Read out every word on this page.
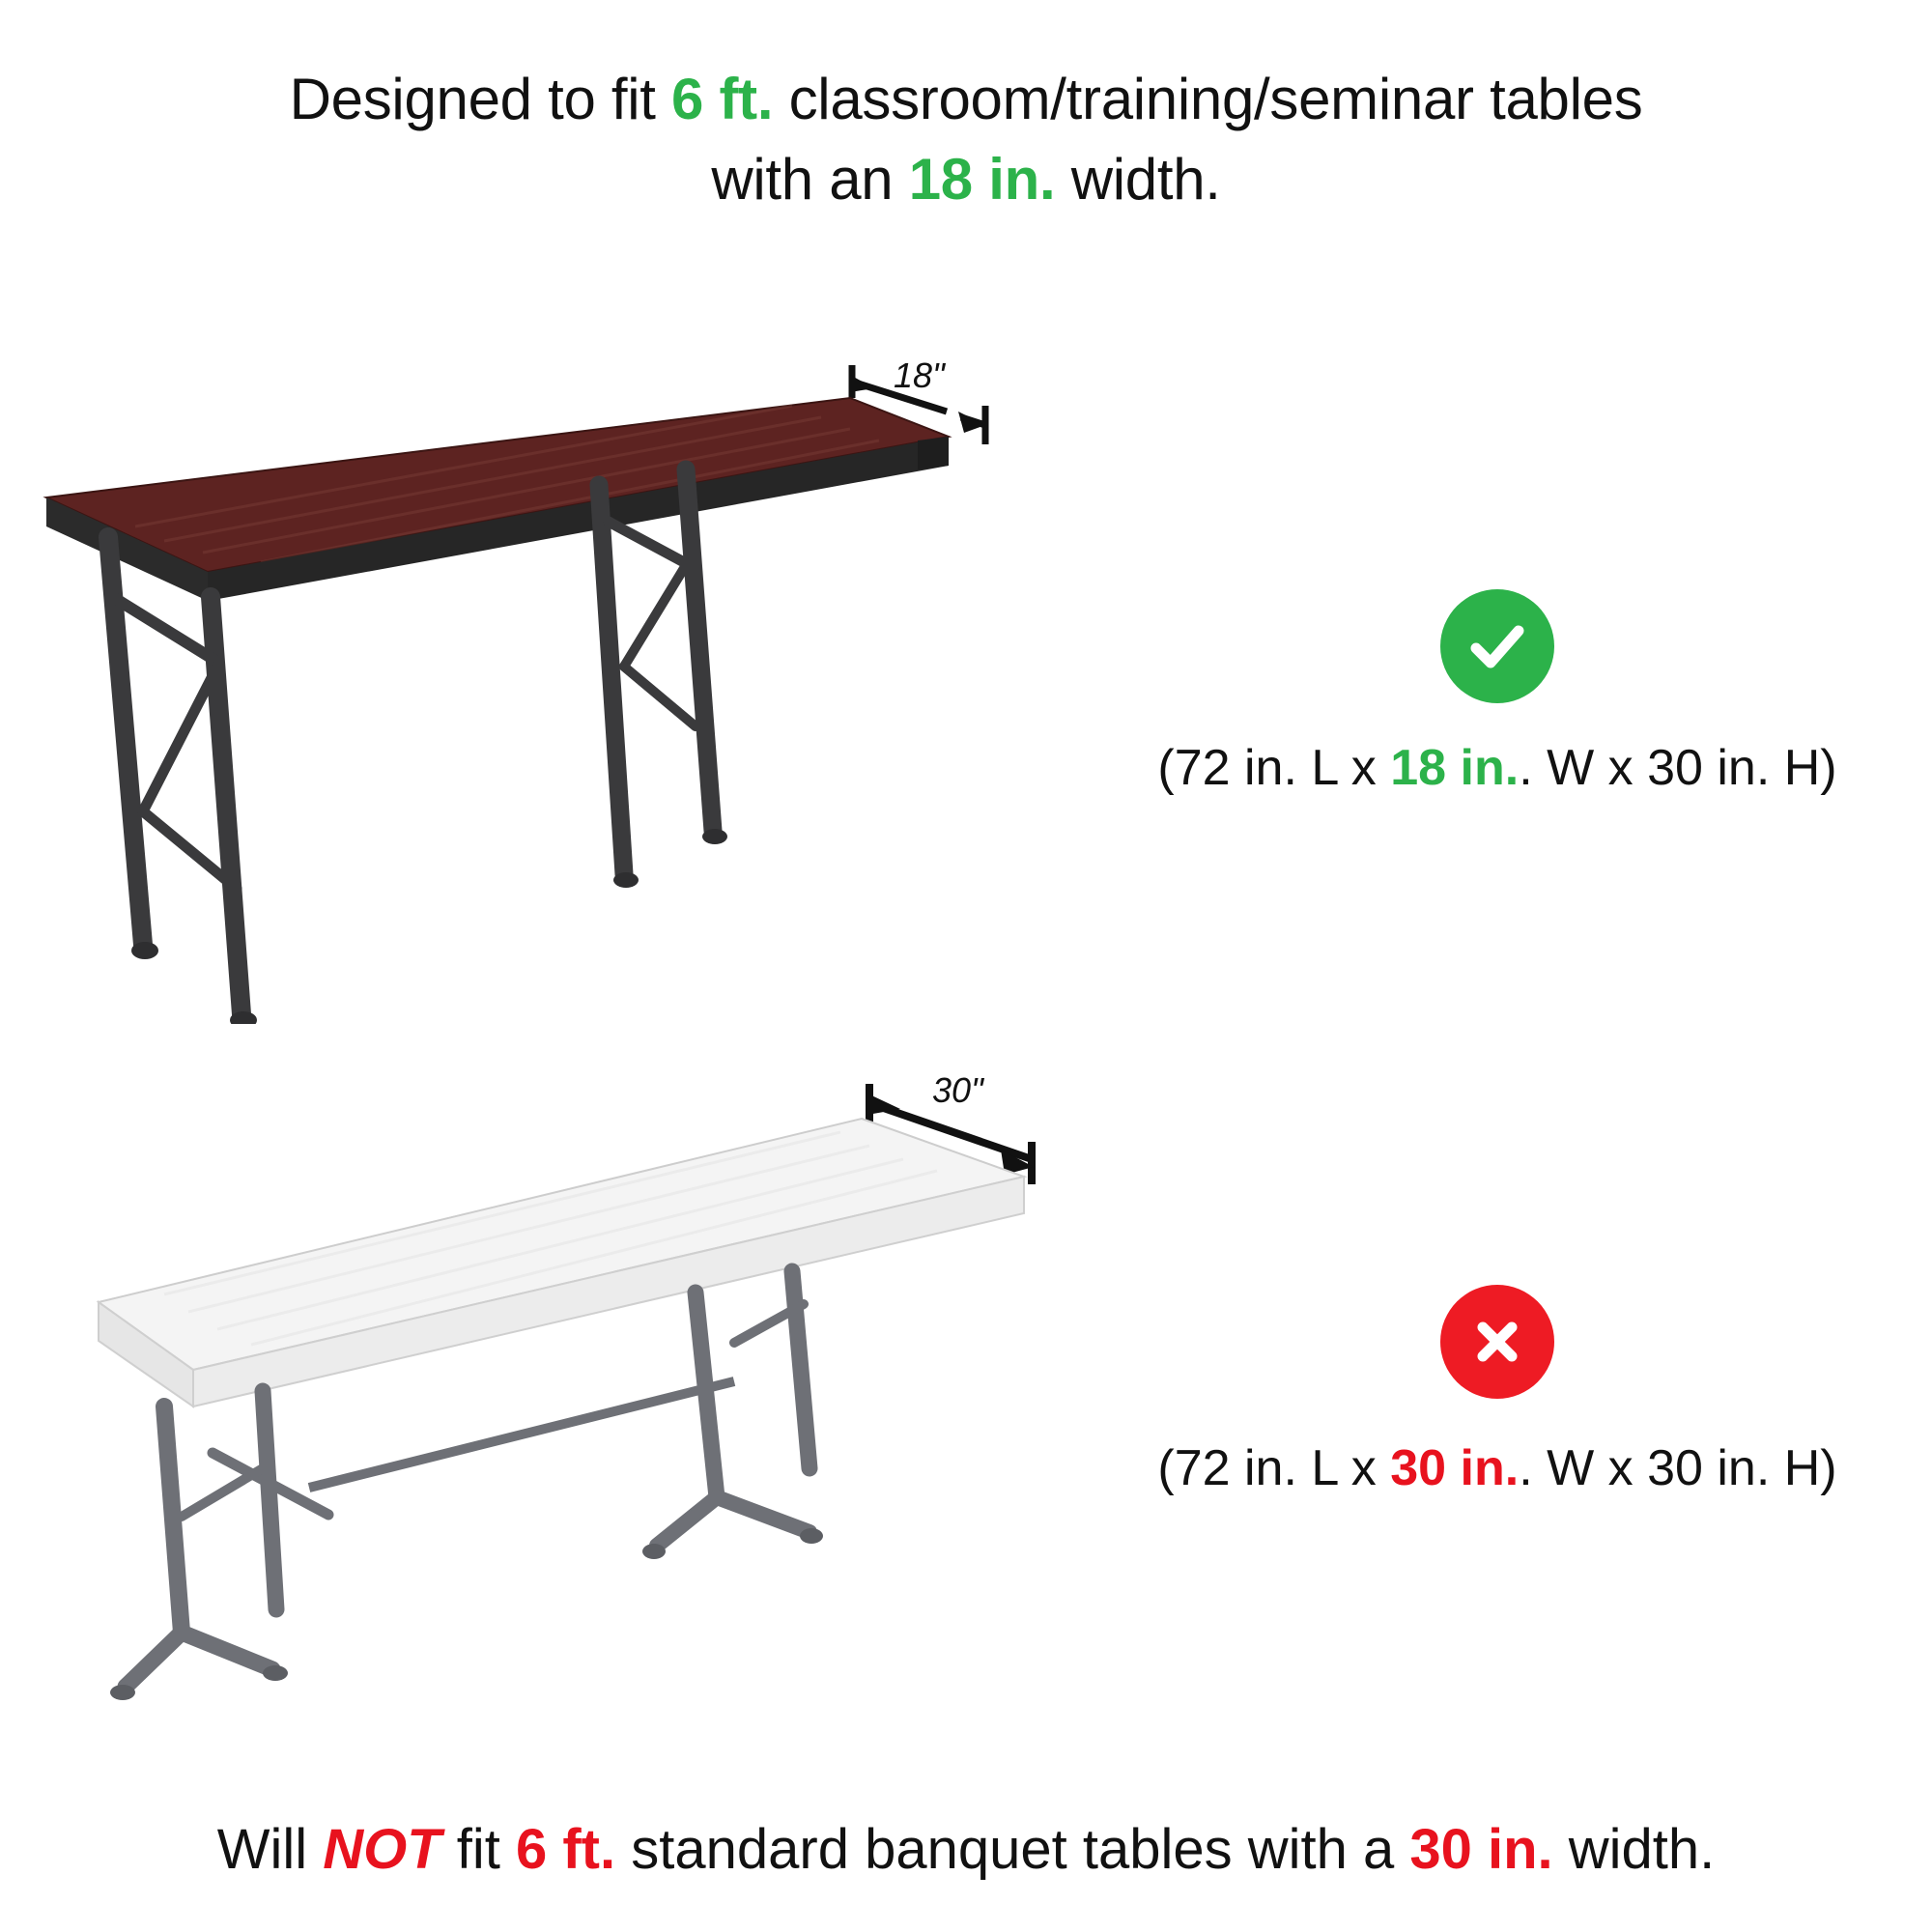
Designed to fit 6 ft. classroom/training/seminar tables
with an 18 in. width.
18"
(72 in. L x 18 in.. W x 30 in. H)
30"
(72 in. L x 30 in.. W x 30 in. H)
Will NOT fit 6 ft. standard banquet tables with a 30 in. width.
